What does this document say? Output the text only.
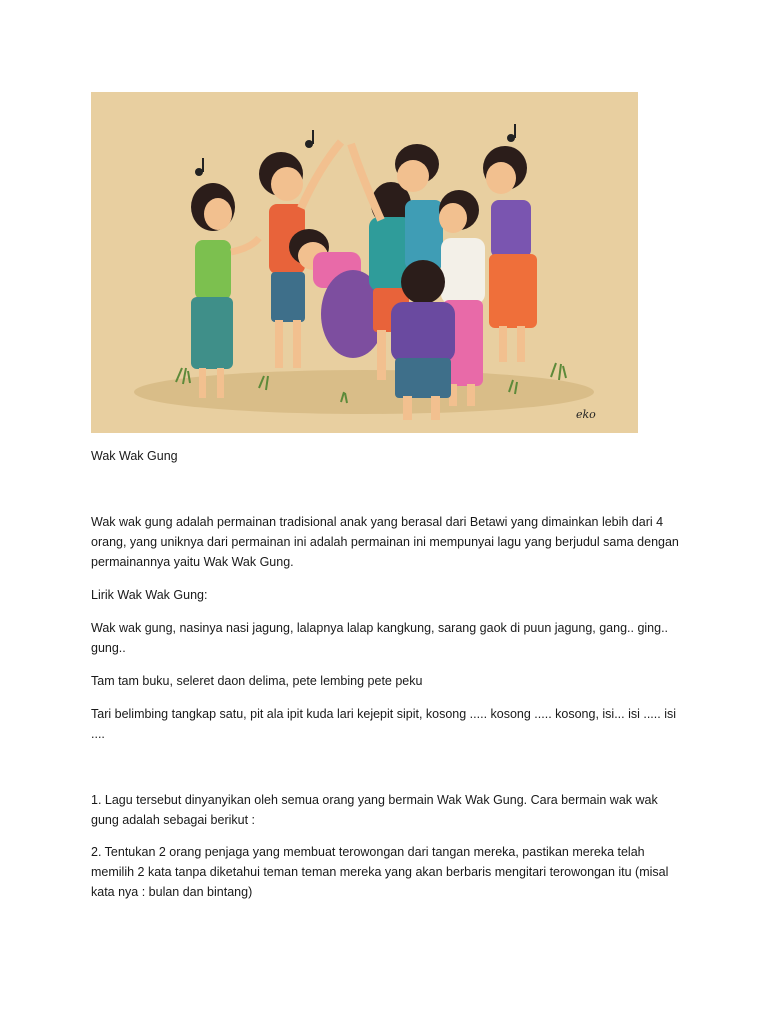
eko

Wak Wak Gung

Wak wak gung adalah permainan tradisional anak yang berasal dari Betawi yang dimainkan lebih dari 4 orang, yang uniknya dari permainan ini adalah permainan ini mempunyai lagu yang berjudul sama dengan permainannya yaitu Wak Wak Gung.

Lirik Wak Wak Gung:

Wak wak gung, nasinya nasi jagung, lalapnya lalap kangkung, sarang gaok di puun jagung, gang.. ging.. gung..

Tam tam buku, seleret daon delima, pete lembing pete peku

Tari belimbing tangkap satu, pit ala ipit kuda lari kejepit sipit, kosong ..... kosong ..... kosong, isi... isi ..... isi ....

1. Lagu tersebut dinyanyikan oleh semua orang yang bermain Wak Wak Gung. Cara bermain wak wak gung adalah sebagai berikut :

2. Tentukan 2 orang penjaga yang membuat terowongan dari tangan mereka, pastikan mereka telah memilih 2 kata tanpa diketahui teman teman mereka yang akan berbaris mengitari terowongan itu (misal kata nya : bulan dan bintang)
